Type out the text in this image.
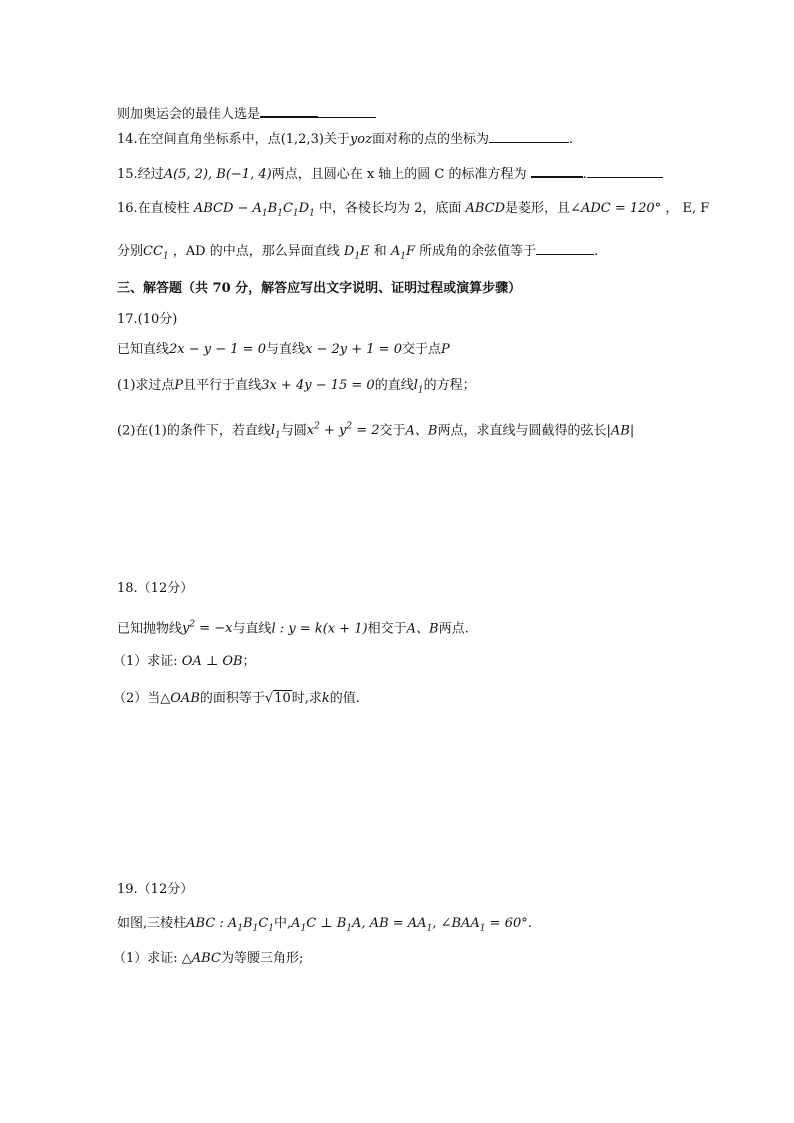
则加奥运会的最佳人选是
14.在空间直角坐标系中，点(1,2,3)关于yoz面对称的点的坐标为	.
15.经过A(5, 2), B(−1, 4)两点，且圆心在 x 轴上的圆 C 的标准方程为	.
16.在直棱柱 ABCD − $A_1B_1C_1D_1$ 中，各棱长均为 2，底面 ABCD是菱形，且∠ADC = 120° ， E, F
分别$CC_1$ ，AD 的中点，那么异面直线 $D_1E$ 和 $A_1F$ 所成角的余弦值等于	.
三、解答题（共 70 分，解答应写出文字说明、证明过程或演算步骤）
17.(10分)
已知直线2x − y − 1 = 0与直线x − 2y + 1 = 0交于点P
(1)求过点P且平行于直线3x + 4y − 15 = 0的直线$l_1$的方程；
(2)在(1)的条件下，若直线$l_1$与圆$x^2 + y^2 = 2$交于A、B两点，求直线与圆截得的弦长|AB|
18.（12分）
已知抛物线$y^2 = -x$与直线l : y = k(x + 1)相交于A、B两点.
（1）求证: OA ⊥ OB；
（2）当△OAB的面积等于√10时,求k的值.
19.（12分）
如图,三棱柱ABC : $A_1B_1C_1$中$,A_1C$ ⊥ $B_1A$, AB = $AA_1$, $\angle BAA_1 = 60^\circ$.
（1）求证: △ABC为等腰三角形;
